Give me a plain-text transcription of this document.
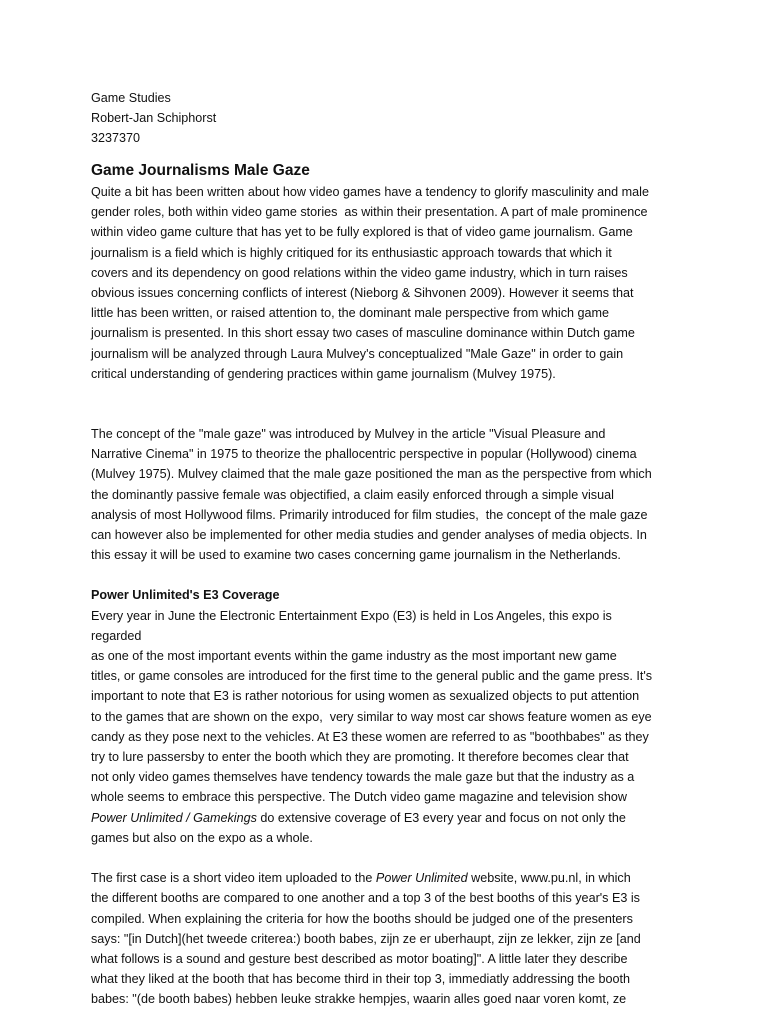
Game Studies

Robert-Jan Schiphorst

3237370

Game Journalisms Male Gaze

Quite a bit has been written about how video games have a tendency to glorify masculinity and male

gender roles, both within video game stories  as within their presentation. A part of male prominence

within video game culture that has yet to be fully explored is that of video game journalism. Game

journalism is a field which is highly critiqued for its enthusiastic approach towards that which it

covers and its dependency on good relations within the video game industry, which in turn raises

obvious issues concerning conflicts of interest (Nieborg & Sihvonen 2009). However it seems that

little has been written, or raised attention to, the dominant male perspective from which game

journalism is presented. In this short essay two cases of masculine dominance within Dutch game

journalism will be analyzed through Laura Mulvey's conceptualized "Male Gaze" in order to gain

critical understanding of gendering practices within game journalism (Mulvey 1975).

The concept of the "male gaze" was introduced by Mulvey in the article "Visual Pleasure and

Narrative Cinema" in 1975 to theorize the phallocentric perspective in popular (Hollywood) cinema

(Mulvey 1975). Mulvey claimed that the male gaze positioned the man as the perspective from which

the dominantly passive female was objectified, a claim easily enforced through a simple visual

analysis of most Hollywood films. Primarily introduced for film studies,  the concept of the male gaze

can however also be implemented for other media studies and gender analyses of media objects. In

this essay it will be used to examine two cases concerning game journalism in the Netherlands.

Power Unlimited's E3 Coverage

Every year in June the Electronic Entertainment Expo (E3) is held in Los Angeles, this expo is regarded

as one of the most important events within the game industry as the most important new game

titles, or game consoles are introduced for the first time to the general public and the game press. It's

important to note that E3 is rather notorious for using women as sexualized objects to put attention

to the games that are shown on the expo,  very similar to way most car shows feature women as eye

candy as they pose next to the vehicles. At E3 these women are referred to as "boothbabes" as they

try to lure passersby to enter the booth which they are promoting. It therefore becomes clear that

not only video games themselves have tendency towards the male gaze but that the industry as a

whole seems to embrace this perspective. The Dutch video game magazine and television show

Power Unlimited / Gamekings do extensive coverage of E3 every year and focus on not only the

games but also on the expo as a whole.

The first case is a short video item uploaded to the Power Unlimited website, www.pu.nl, in which

the different booths are compared to one another and a top 3 of the best booths of this year's E3 is

compiled. When explaining the criteria for how the booths should be judged one of the presenters

says: "[in Dutch](het tweede criterea:) booth babes, zijn ze er uberhaupt, zijn ze lekker, zijn ze [and

what follows is a sound and gesture best described as motor boating]". A little later they describe

what they liked at the booth that has become third in their top 3, immediatly addressing the booth

babes: "(de booth babes) hebben leuke strakke hempjes, waarin alles goed naar voren komt, ze
